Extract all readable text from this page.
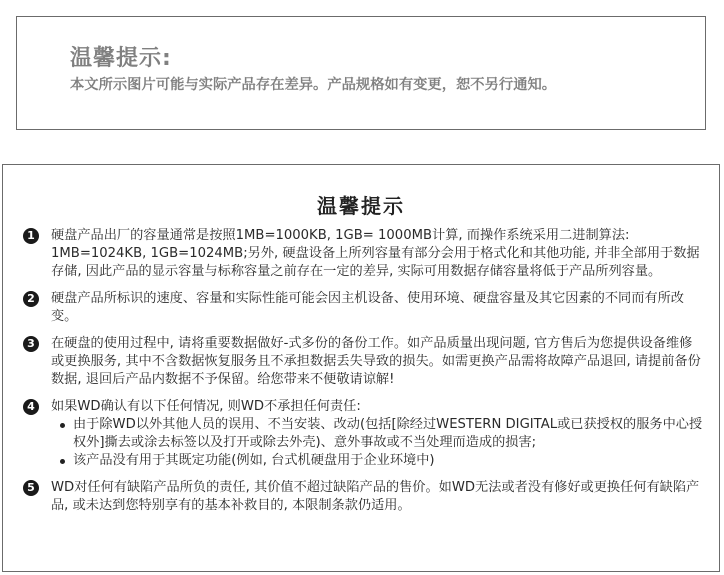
温馨提示:
本文所示图片可能与实际产品存在差异。产品规格如有变更，恕不另行通知。
温馨提示
1	硬盘产品出厂的容量通常是按照1MB=1000KB, 1GB= 1000MB计算, 而操作系统采用二进制算法: 1MB=1024KB, 1GB=1024MB;另外, 硬盘设备上所列容量有部分会用于格式化和其他功能, 并非全部用于数据存储, 因此产品的显示容量与标称容量之前存在一定的差异, 实际可用数据存储容量将低于产品所列容量。

2	硬盘产品所标识的速度、容量和实际性能可能会因主机设备、使用环境、硬盘容量及其它因素的不同而有所改变。

3	在硬盘的使用过程中, 请将重要数据做好-式多份的备份工作。如产品质量出现问题, 官方售后为您提供设备维修或更换服务, 其中不含数据恢复服务且不承担数据丢失导致的损失。如需更换产品需将故障产品退回, 请提前备份数据, 退回后产品内数据不予保留。给您带来不便敬请谅解!

4	如果WD确认有以下任何情况, 则WD不承担任何责任:

由于除WD以外其他人员的误用、不当安装、改动(包括[除经过WESTERN DIGITAL或已获授权的服务中心授权外]撕去或涂去标签以及打开或除去外壳)、意外事故或不当处理而造成的损害;

该产品没有用于其既定功能(例如, 台式机硬盘用于企业环境中)

5	WD对任何有缺陷产品所负的责任, 其价值不超过缺陷产品的售价。如WD无法或者没有修好或更换任何有缺陷产品, 或未达到您特别享有的基本补救目的, 本限制条款仍适用。
